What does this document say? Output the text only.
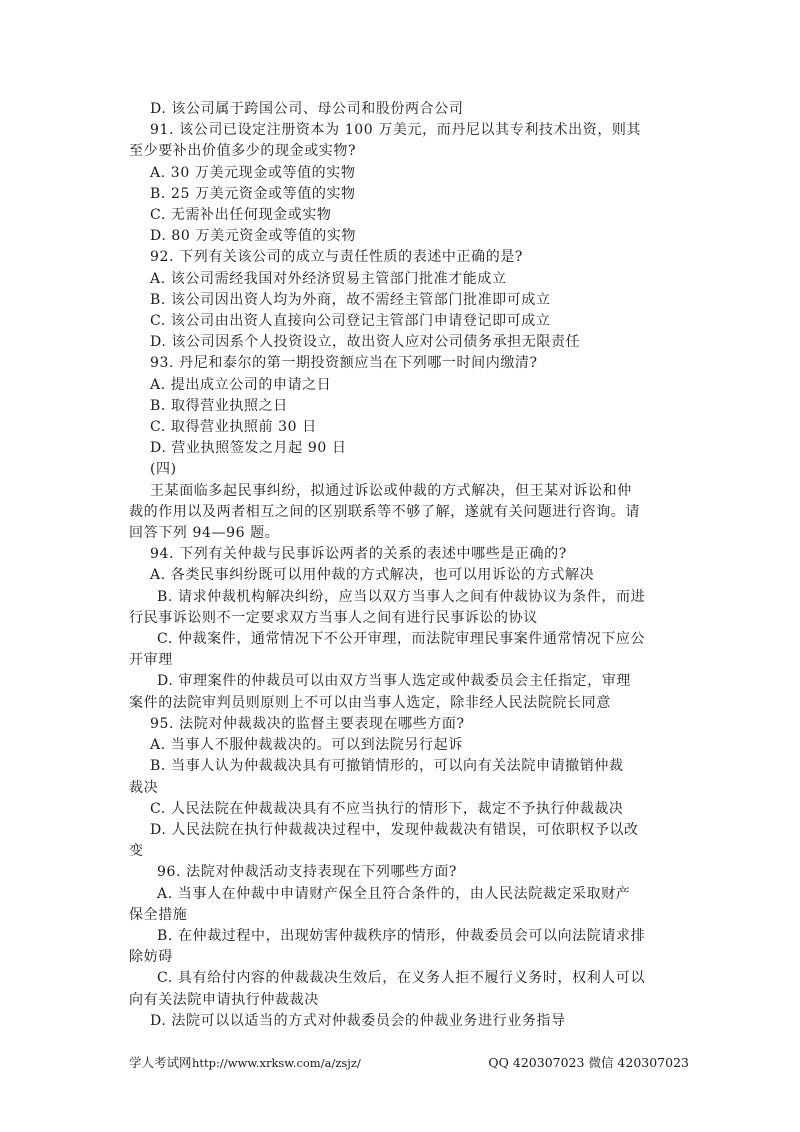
D. 该公司属于跨国公司、母公司和股份两合公司
91. 该公司已设定注册资本为 100 万美元，而丹尼以其专利技术出资，则其
至少要补出价值多少的现金或实物?
A. 30 万美元现金或等值的实物
B. 25 万美元资金或等值的实物
C. 无需补出任何现金或实物
D. 80 万美元资金或等值的实物
92. 下列有关该公司的成立与责任性质的表述中正确的是?
A. 该公司需经我国对外经济贸易主管部门批准才能成立
B. 该公司因出资人均为外商，故不需经主管部门批准即可成立
C. 该公司由出资人直接向公司登记主管部门申请登记即可成立
D. 该公司因系个人投资设立，故出资人应对公司债务承担无限责任
93. 丹尼和泰尔的第一期投资额应当在下列哪一时间内缴清?
A. 提出成立公司的申请之日
B. 取得营业执照之日
C. 取得营业执照前 30 日
D. 营业执照签发之月起 90 日
(四)
王某面临多起民事纠纷，拟通过诉讼或仲裁的方式解决，但王某对诉讼和仲
裁的作用以及两者相互之间的区别联系等不够了解，遂就有关问题进行咨询。请
回答下列 94—96 题。
94. 下列有关仲裁与民事诉讼两者的关系的表述中哪些是正确的?
A. 各类民事纠纷既可以用仲裁的方式解决，也可以用诉讼的方式解决
B. 请求仲裁机构解决纠纷，应当以双方当事人之间有仲裁协议为条件，而进
行民事诉讼则不一定要求双方当事人之间有进行民事诉讼的协议
C. 仲裁案件，通常情况下不公开审理，而法院审理民事案件通常情况下应公
开审理
D. 审理案件的仲裁员可以由双方当事人选定或仲裁委员会主任指定，审理
案件的法院审判员则原则上不可以由当事人选定，除非经人民法院院长同意
95. 法院对仲裁裁决的监督主要表现在哪些方面?
A. 当事人不服仲裁裁决的。可以到法院另行起诉
B. 当事人认为仲裁裁决具有可撤销情形的，可以向有关法院申请撤销仲裁
裁决
C. 人民法院在仲裁裁决具有不应当执行的情形下，裁定不予执行仲裁裁决
D. 人民法院在执行仲裁裁决过程中，发现仲裁裁决有错误，可依职权予以改
变
96. 法院对仲裁活动支持表现在下列哪些方面?
A. 当事人在仲裁中申请财产保全且符合条件的，由人民法院裁定采取财产
保全措施
B. 在仲裁过程中，出现妨害仲裁秩序的情形，仲裁委员会可以向法院请求排
除妨碍
C. 具有给付内容的仲裁裁决生效后，在义务人拒不履行义务时，权利人可以
向有关法院申请执行仲裁裁决
D. 法院可以以适当的方式对仲裁委员会的仲裁业务进行业务指导
学人考试网 http://www.xrksw.com/a/zsjz/	QQ 420307023 微信 420307023
